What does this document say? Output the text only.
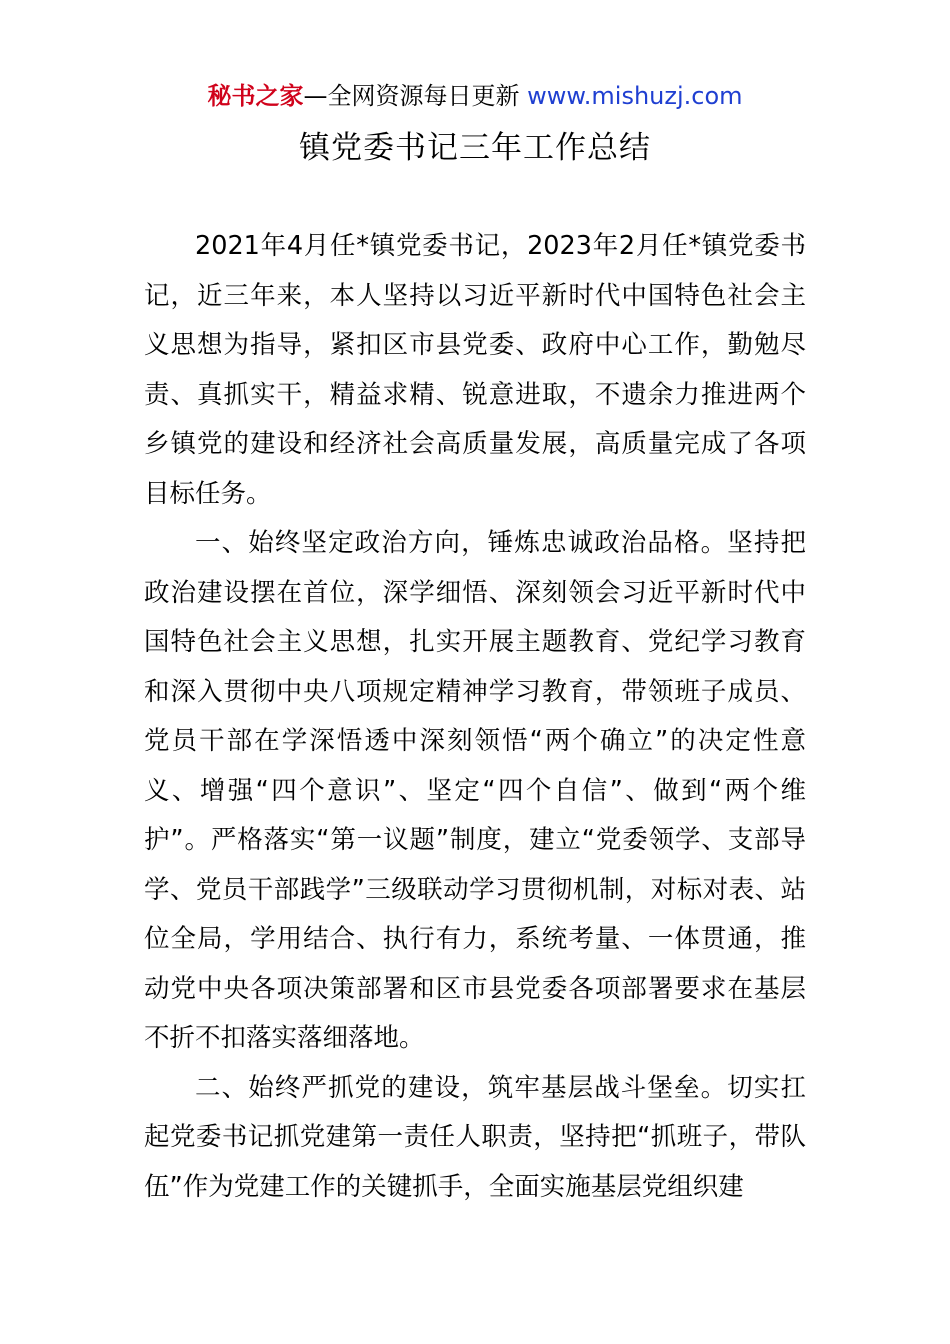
秘书之家—全网资源每日更新 www.mishuzj.com
镇党委书记三年工作总结

2021年4月任*镇党委书记，2023年2月任*镇党委书记，近三年来，本人坚持以习近平新时代中国特色社会主义思想为指导，紧扣区市县党委、政府中心工作，勤勉尽责、真抓实干，精益求精、锐意进取，不遗余力推进两个乡镇党的建设和经济社会高质量发展，高质量完成了各项目标任务。

一、始终坚定政治方向，锤炼忠诚政治品格。坚持把政治建设摆在首位，深学细悟、深刻领会习近平新时代中国特色社会主义思想，扎实开展主题教育、党纪学习教育和深入贯彻中央八项规定精神学习教育，带领班子成员、党员干部在学深悟透中深刻领悟“两个确立”的决定性意义、增强“四个意识”、坚定“四个自信”、做到“两个维护”。严格落实“第一议题”制度，建立“党委领学、支部导学、党员干部践学”三级联动学习贯彻机制，对标对表、站位全局，学用结合、执行有力，系统考量、一体贯通，推动党中央各项决策部署和区市县党委各项部署要求在基层不折不扣落实落细落地。

二、始终严抓党的建设，筑牢基层战斗堡垒。切实扛起党委书记抓党建第一责任人职责，坚持把“抓班子，带队伍”作为党建工作的关键抓手，全面实施基层党组织建
